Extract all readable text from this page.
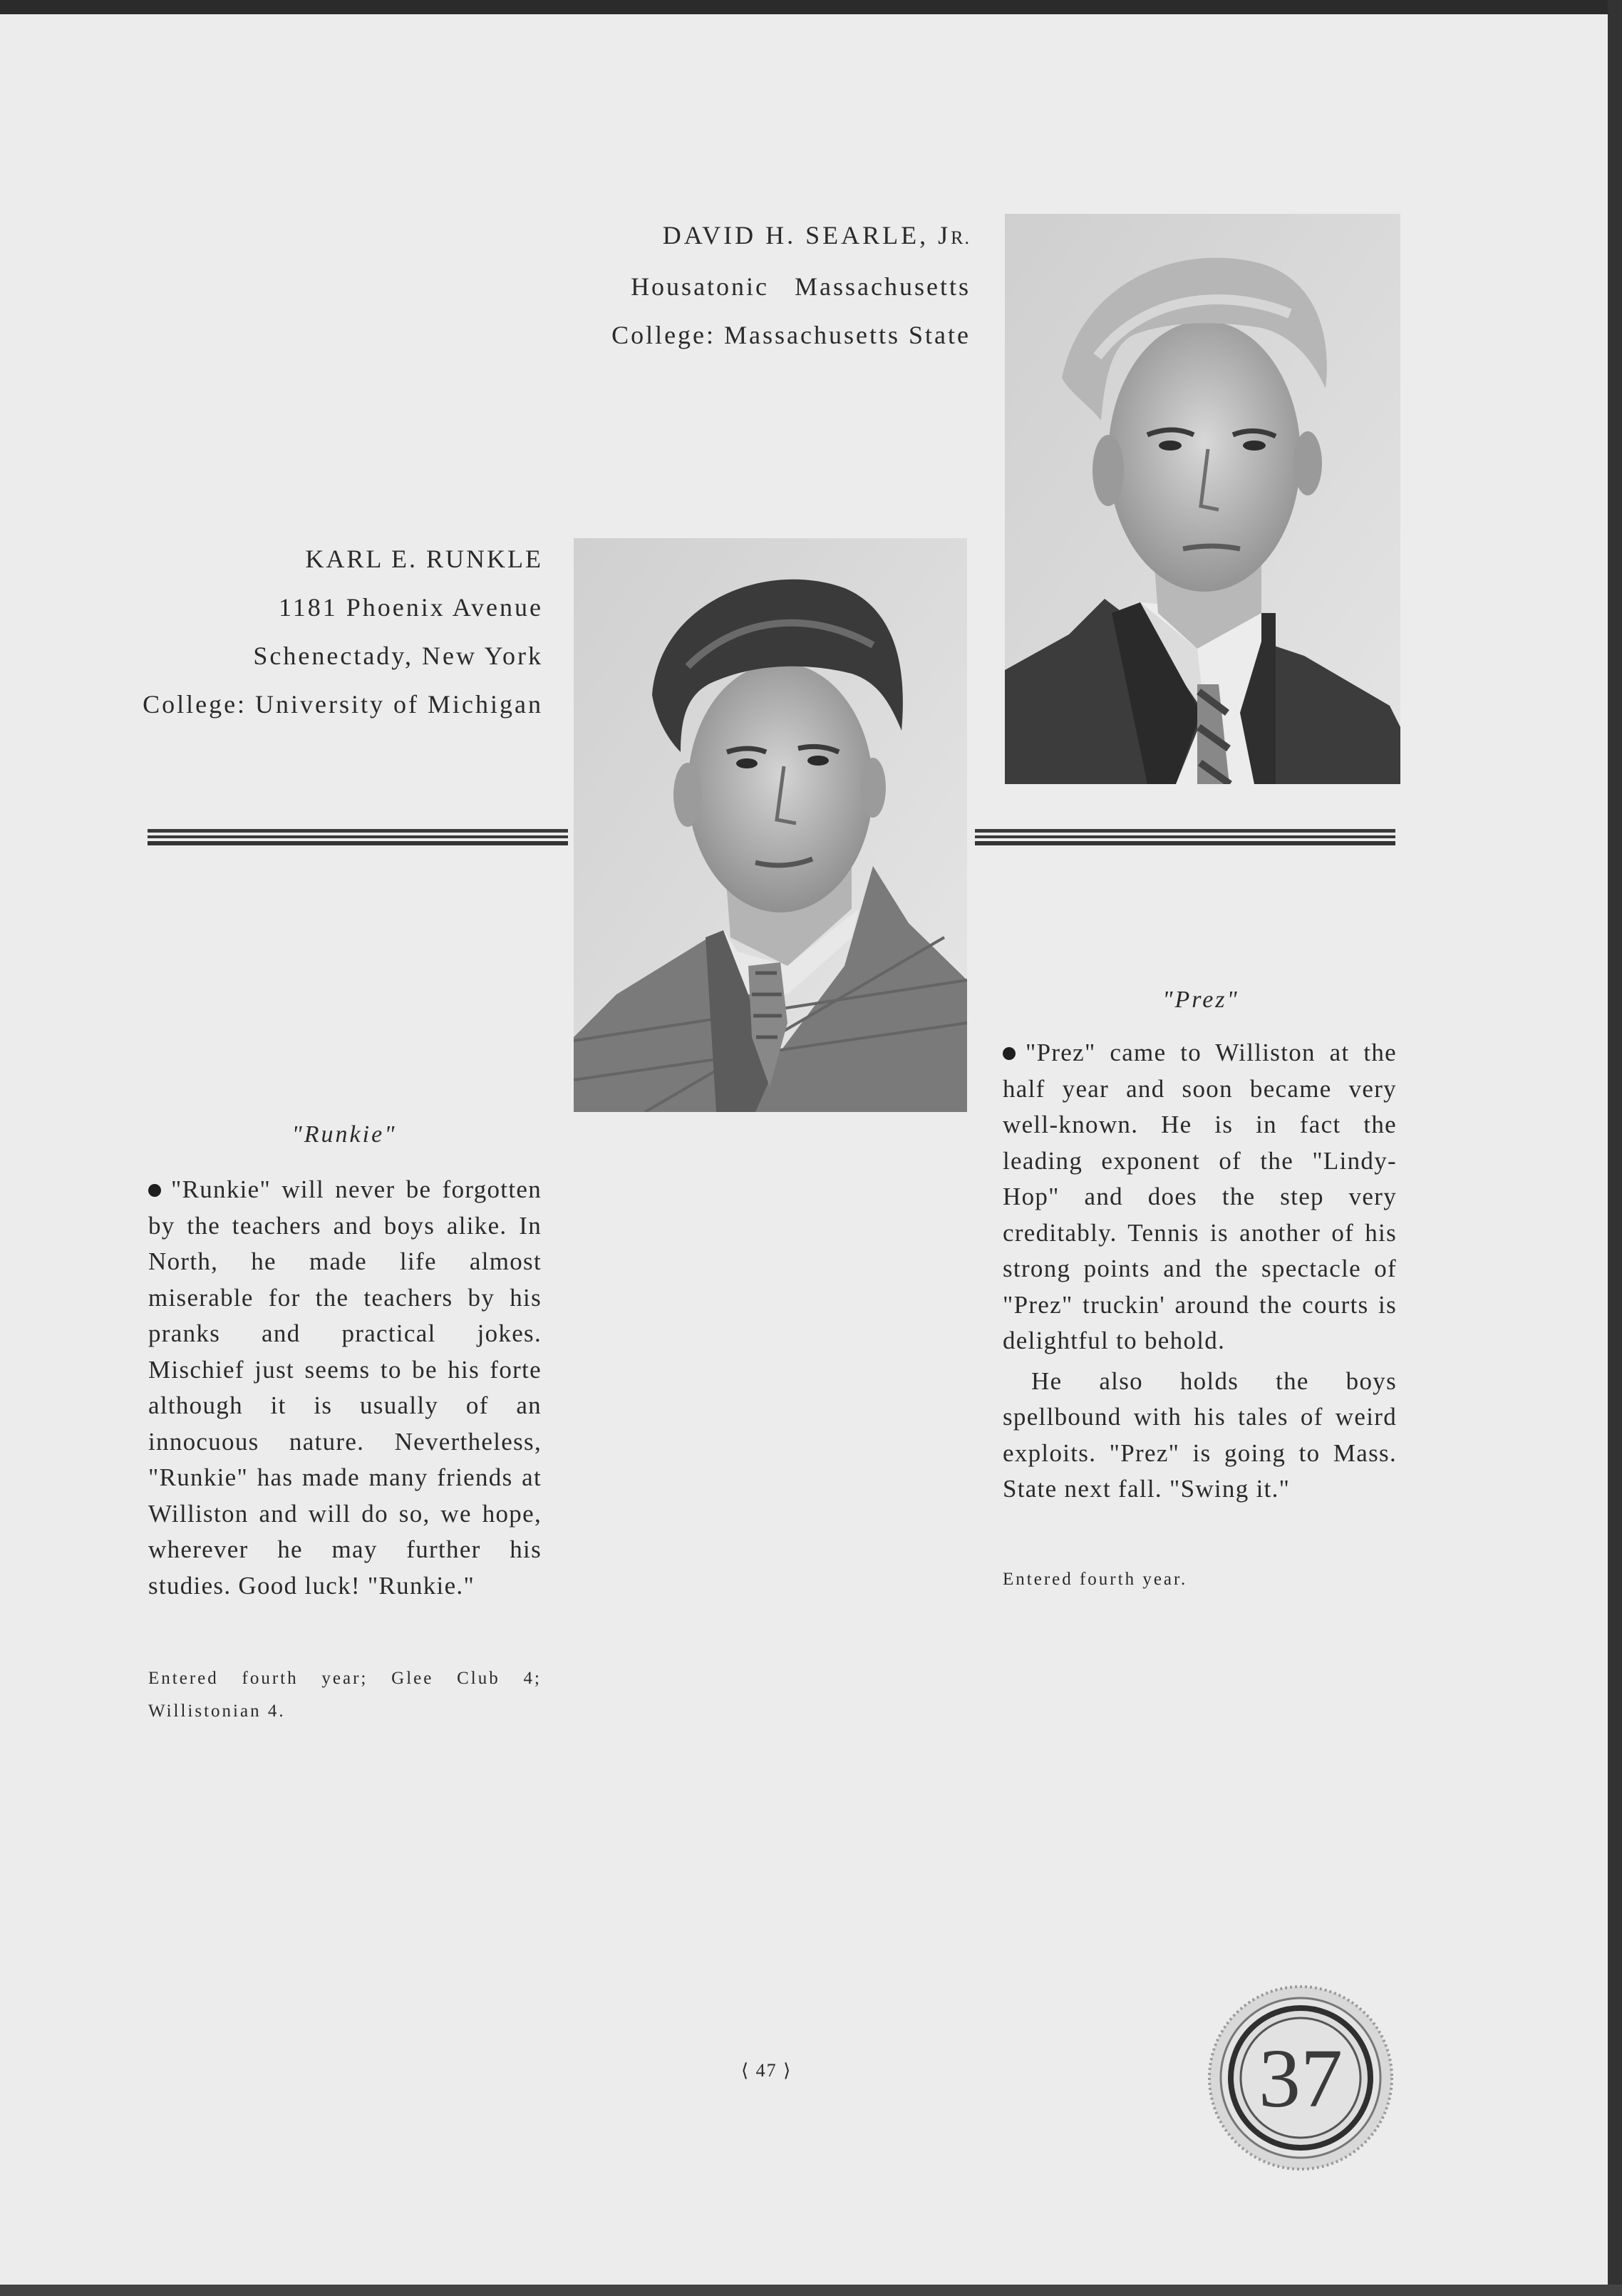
DAVID H. SEARLE, JR.
Housatonic Massachusetts
College: Massachusetts State
KARL E. RUNKLE
1181 Phoenix Avenue
Schenectady, New York
College: University of Michigan
"Prez"

"Prez" came to Williston at the half year and soon became very well-known. He is in fact the leading exponent of the "Lindy-Hop" and does the step very creditably. Tennis is another of his strong points and the spectacle of "Prez" truckin' around the courts is delightful to behold.

He also holds the boys spellbound with his tales of weird exploits. "Prez" is going to Mass. State next fall. "Swing it."

Entered fourth year.
"Runkie"

"Runkie" will never be forgotten by the teachers and boys alike. In North, he made life almost miserable for the teachers by his pranks and practical jokes. Mischief just seems to be his forte although it is usually of an innocuous nature. Nevertheless, "Runkie" has made many friends at Williston and will do so, we hope, wherever he may further his studies. Good luck! "Runkie."

Entered fourth year; Glee Club 4; Willistonian 4.
⟨ 47 ⟩	37
